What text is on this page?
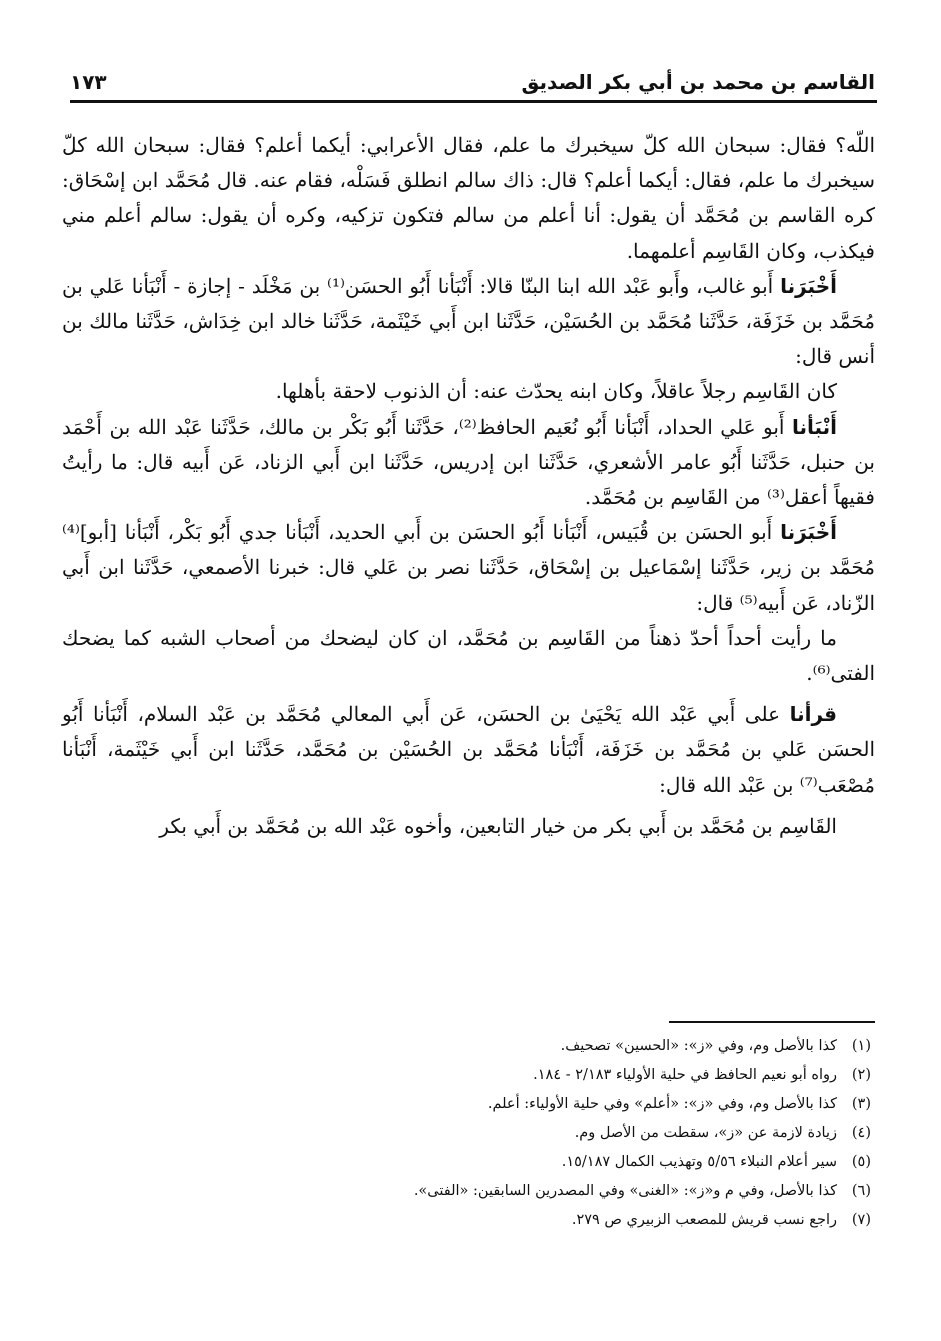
القاسم بن محمد بن أبي بكر الصديق
١٧٣

اللّه؟ فقال: سبحان الله كلّ سيخبرك ما علم، فقال الأعرابي: أيكما أعلم؟ فقال: سبحان الله كلّ سيخبرك ما علم، فقال: أيكما أعلم؟ قال: ذاك سالم انطلق فَسَلْه، فقام عنه. قال مُحَمَّد ابن إسْحَاق: كره القاسم بن مُحَمَّد أن يقول: أنا أعلم من سالم فتكون تزكيه، وكره أن يقول: سالم أعلم مني فيكذب، وكان القَاسِم أعلمهما.

أَخْبَرَنا أَبو غالب، وأَبو عَبْد الله ابنا البنّا قالا: أَنْبَأنا أَبُو الحسَن⁽¹⁾ بن مَخْلَد - إجازة - أَنْبَأنا عَلي بن مُحَمَّد بن خَزَفَة، حَدَّثَنا مُحَمَّد بن الحُسَيْن، حَدَّثَنا ابن أَبي خَيْثَمة، حَدَّثَنا خالد ابن خِدَاش، حَدَّثَنا مالك بن أنس قال:

كان القَاسِم رجلاً عاقلاً، وكان ابنه يحدّث عنه: أن الذنوب لاحقة بأهلها.

أَنْبَأنا أَبو عَلي الحداد، أَنْبَأنا أَبُو نُعَيم الحافظ⁽²⁾، حَدَّثَنا أَبُو بَكْر بن مالك، حَدَّثَنا عَبْد الله بن أَحْمَد بن حنبل، حَدَّثَنا أَبُو عامر الأشعري، حَدَّثَنا ابن إدريس، حَدَّثَنا ابن أَبي الزناد، عَن أَبيه قال: ما رأيتُ فقيهاً أعقل⁽³⁾ من القَاسِم بن مُحَمَّد.

أَخْبَرَنا أَبو الحسَن بن قُبَيس، أَنْبَأنا أَبُو الحسَن بن أَبي الحديد، أَنْبَأنا جدي أَبُو بَكْر، أَنْبَأنا [أبو]⁽⁴⁾ مُحَمَّد بن زير، حَدَّثَنا إسْمَاعيل بن إسْحَاق، حَدَّثَنا نصر بن عَلي قال: خبرنا الأصمعي، حَدَّثَنا ابن أَبي الزّناد، عَن أَبيه⁽⁵⁾ قال:

ما رأيت أحداً أحدّ ذهناً من القَاسِم بن مُحَمَّد، ان كان ليضحك من أصحاب الشبه كما يضحك الفتى⁽⁶⁾.

قرأنا على أَبي عَبْد الله يَحْيَىٰ بن الحسَن، عَن أَبي المعالي مُحَمَّد بن عَبْد السلام، أَنْبَأنا أَبُو الحسَن عَلي بن مُحَمَّد بن خَزَفَة، أَنْبَأنا مُحَمَّد بن الحُسَيْن بن مُحَمَّد، حَدَّثَنا ابن أَبي خَيْثَمة، أَنْبَأنا مُصْعَب⁽⁷⁾ بن عَبْد الله قال:

القَاسِم بن مُحَمَّد بن أَبي بكر من خيار التابعين، وأخوه عَبْد الله بن مُحَمَّد بن أَبي بكر

(١)كذا بالأصل وم، وفي «ز»: «الحسين» تصحيف.
(٢)رواه أبو نعيم الحافظ في حلية الأولياء ٢/١٨٣ - ١٨٤.
(٣)كذا بالأصل وم، وفي «ز»: «أعلم» وفي حلية الأولياء: أعلم.
(٤)زيادة لازمة عن «ز»، سقطت من الأصل وم.
(٥)سير أعلام النبلاء ٥/٥٦ وتهذيب الكمال ١٥/١٨٧.
(٦)كذا بالأصل، وفي م و«ز»: «الغنى» وفي المصدرين السابقين: «الفتى».
(٧)راجع نسب قريش للمصعب الزبيري ص ٢٧٩.
